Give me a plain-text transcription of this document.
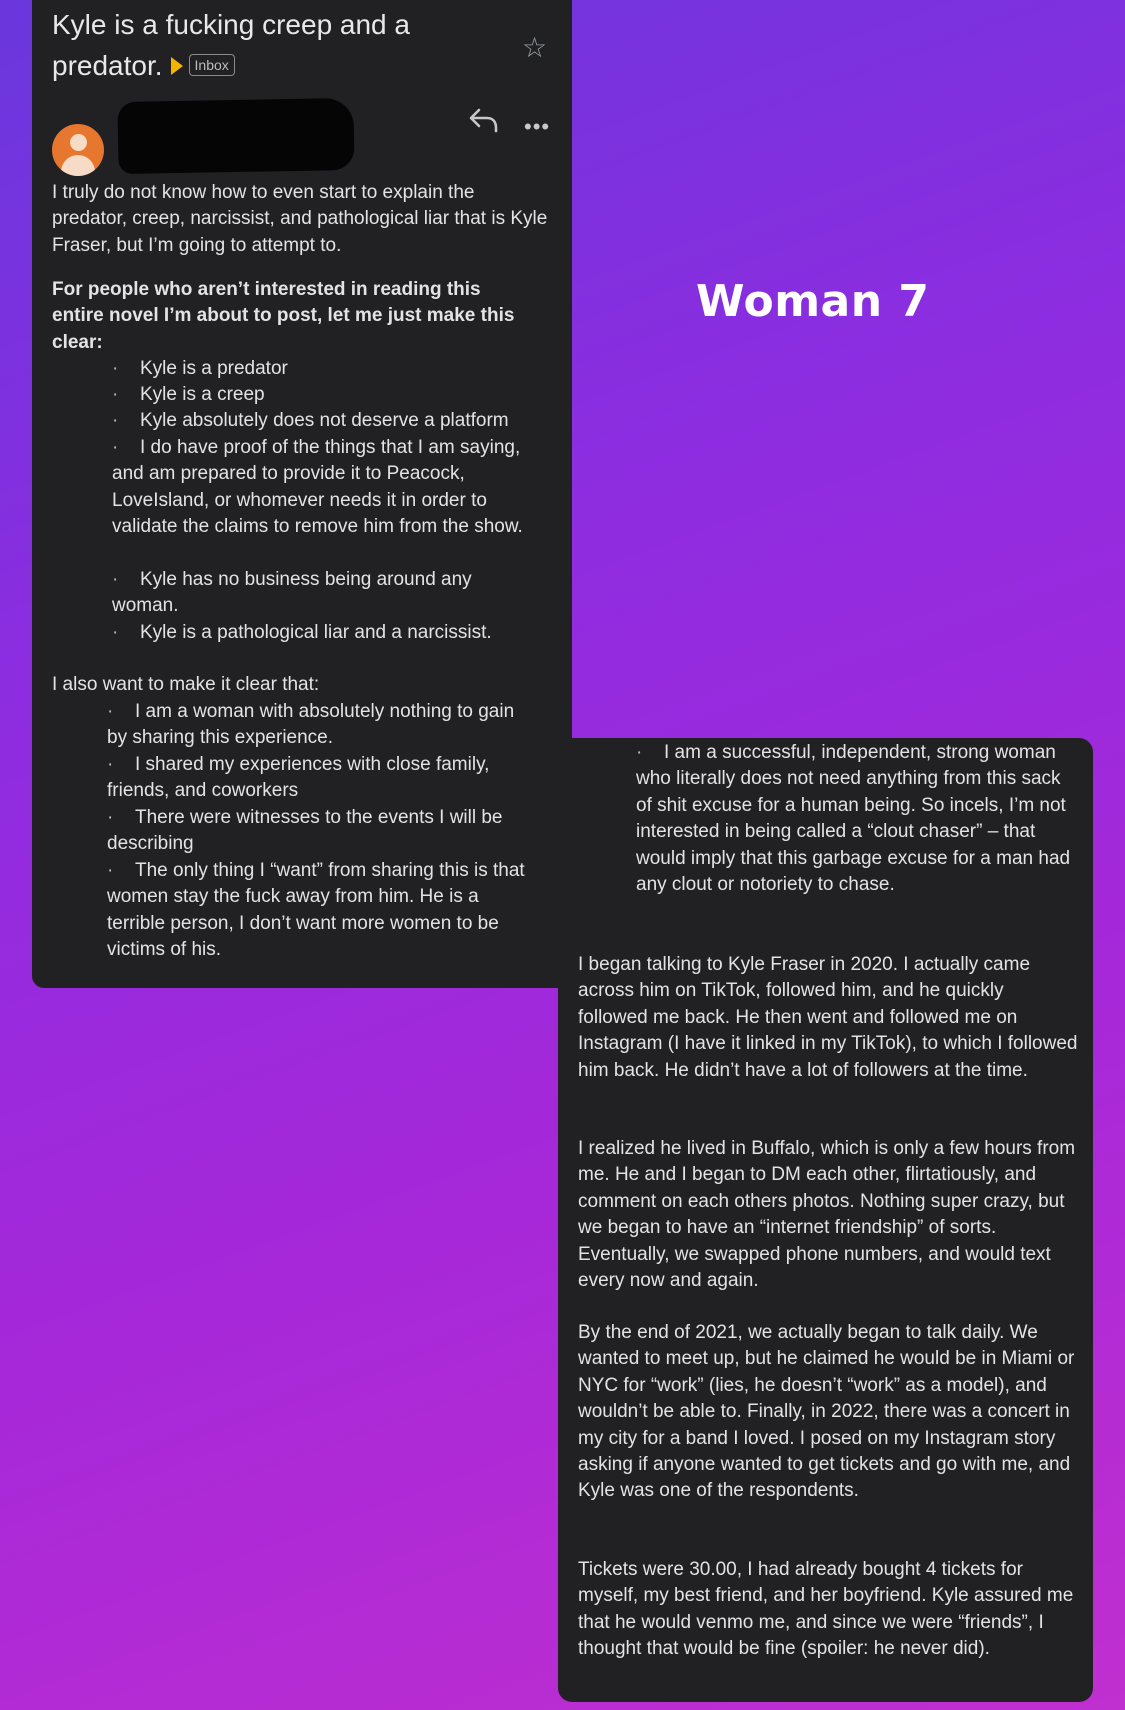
Kyle is a fucking creep and a predator. Inbox
☆
•••

I truly do not know how to even start to explain the predator, creep, narcissist, and pathological liar that is Kyle Fraser, but I’m going to attempt to.

For people who aren’t interested in reading this entire novel I’m about to post, let me just make this clear:
· Kyle is a predator
· Kyle is a creep
· Kyle absolutely does not deserve a platform
· I do have proof of the things that I am saying, and am prepared to provide it to Peacock, LoveIsland, or whomever needs it in order to validate the claims to remove him from the show.
· Kyle has no business being around any woman.
· Kyle is a pathological liar and a narcissist.
I also want to make it clear that:
· I am a woman with absolutely nothing to gain by sharing this experience.
· I shared my experiences with close family, friends, and coworkers
· There were witnesses to the events I will be describing
· The only thing I “want” from sharing this is that women stay the fuck away from him. He is a terrible person, I don’t want more women to be victims of his.
Woman 7
· I am a successful, independent, strong woman who literally does not need anything from this sack of shit excuse for a human being. So incels, I’m not interested in being called a “clout chaser” – that would imply that this garbage excuse for a man had any clout or notoriety to chase.
I began talking to Kyle Fraser in 2020. I actually came across him on TikTok, followed him, and he quickly followed me back. He then went and followed me on Instagram (I have it linked in my TikTok), to which I followed him back. He didn’t have a lot of followers at the time.
I realized he lived in Buffalo, which is only a few hours from me. He and I began to DM each other, flirtatiously, and comment on each others photos. Nothing super crazy, but we began to have an “internet friendship” of sorts. Eventually, we swapped phone numbers, and would text every now and again.
By the end of 2021, we actually began to talk daily. We wanted to meet up, but he claimed he would be in Miami or NYC for “work” (lies, he doesn’t “work” as a model), and wouldn’t be able to. Finally, in 2022, there was a concert in my city for a band I loved. I posed on my Instagram story asking if anyone wanted to get tickets and go with me, and Kyle was one of the respondents.
Tickets were 30.00, I had already bought 4 tickets for myself, my best friend, and her boyfriend. Kyle assured me that he would venmo me, and since we were “friends”, I thought that would be fine (spoiler: he never did).
